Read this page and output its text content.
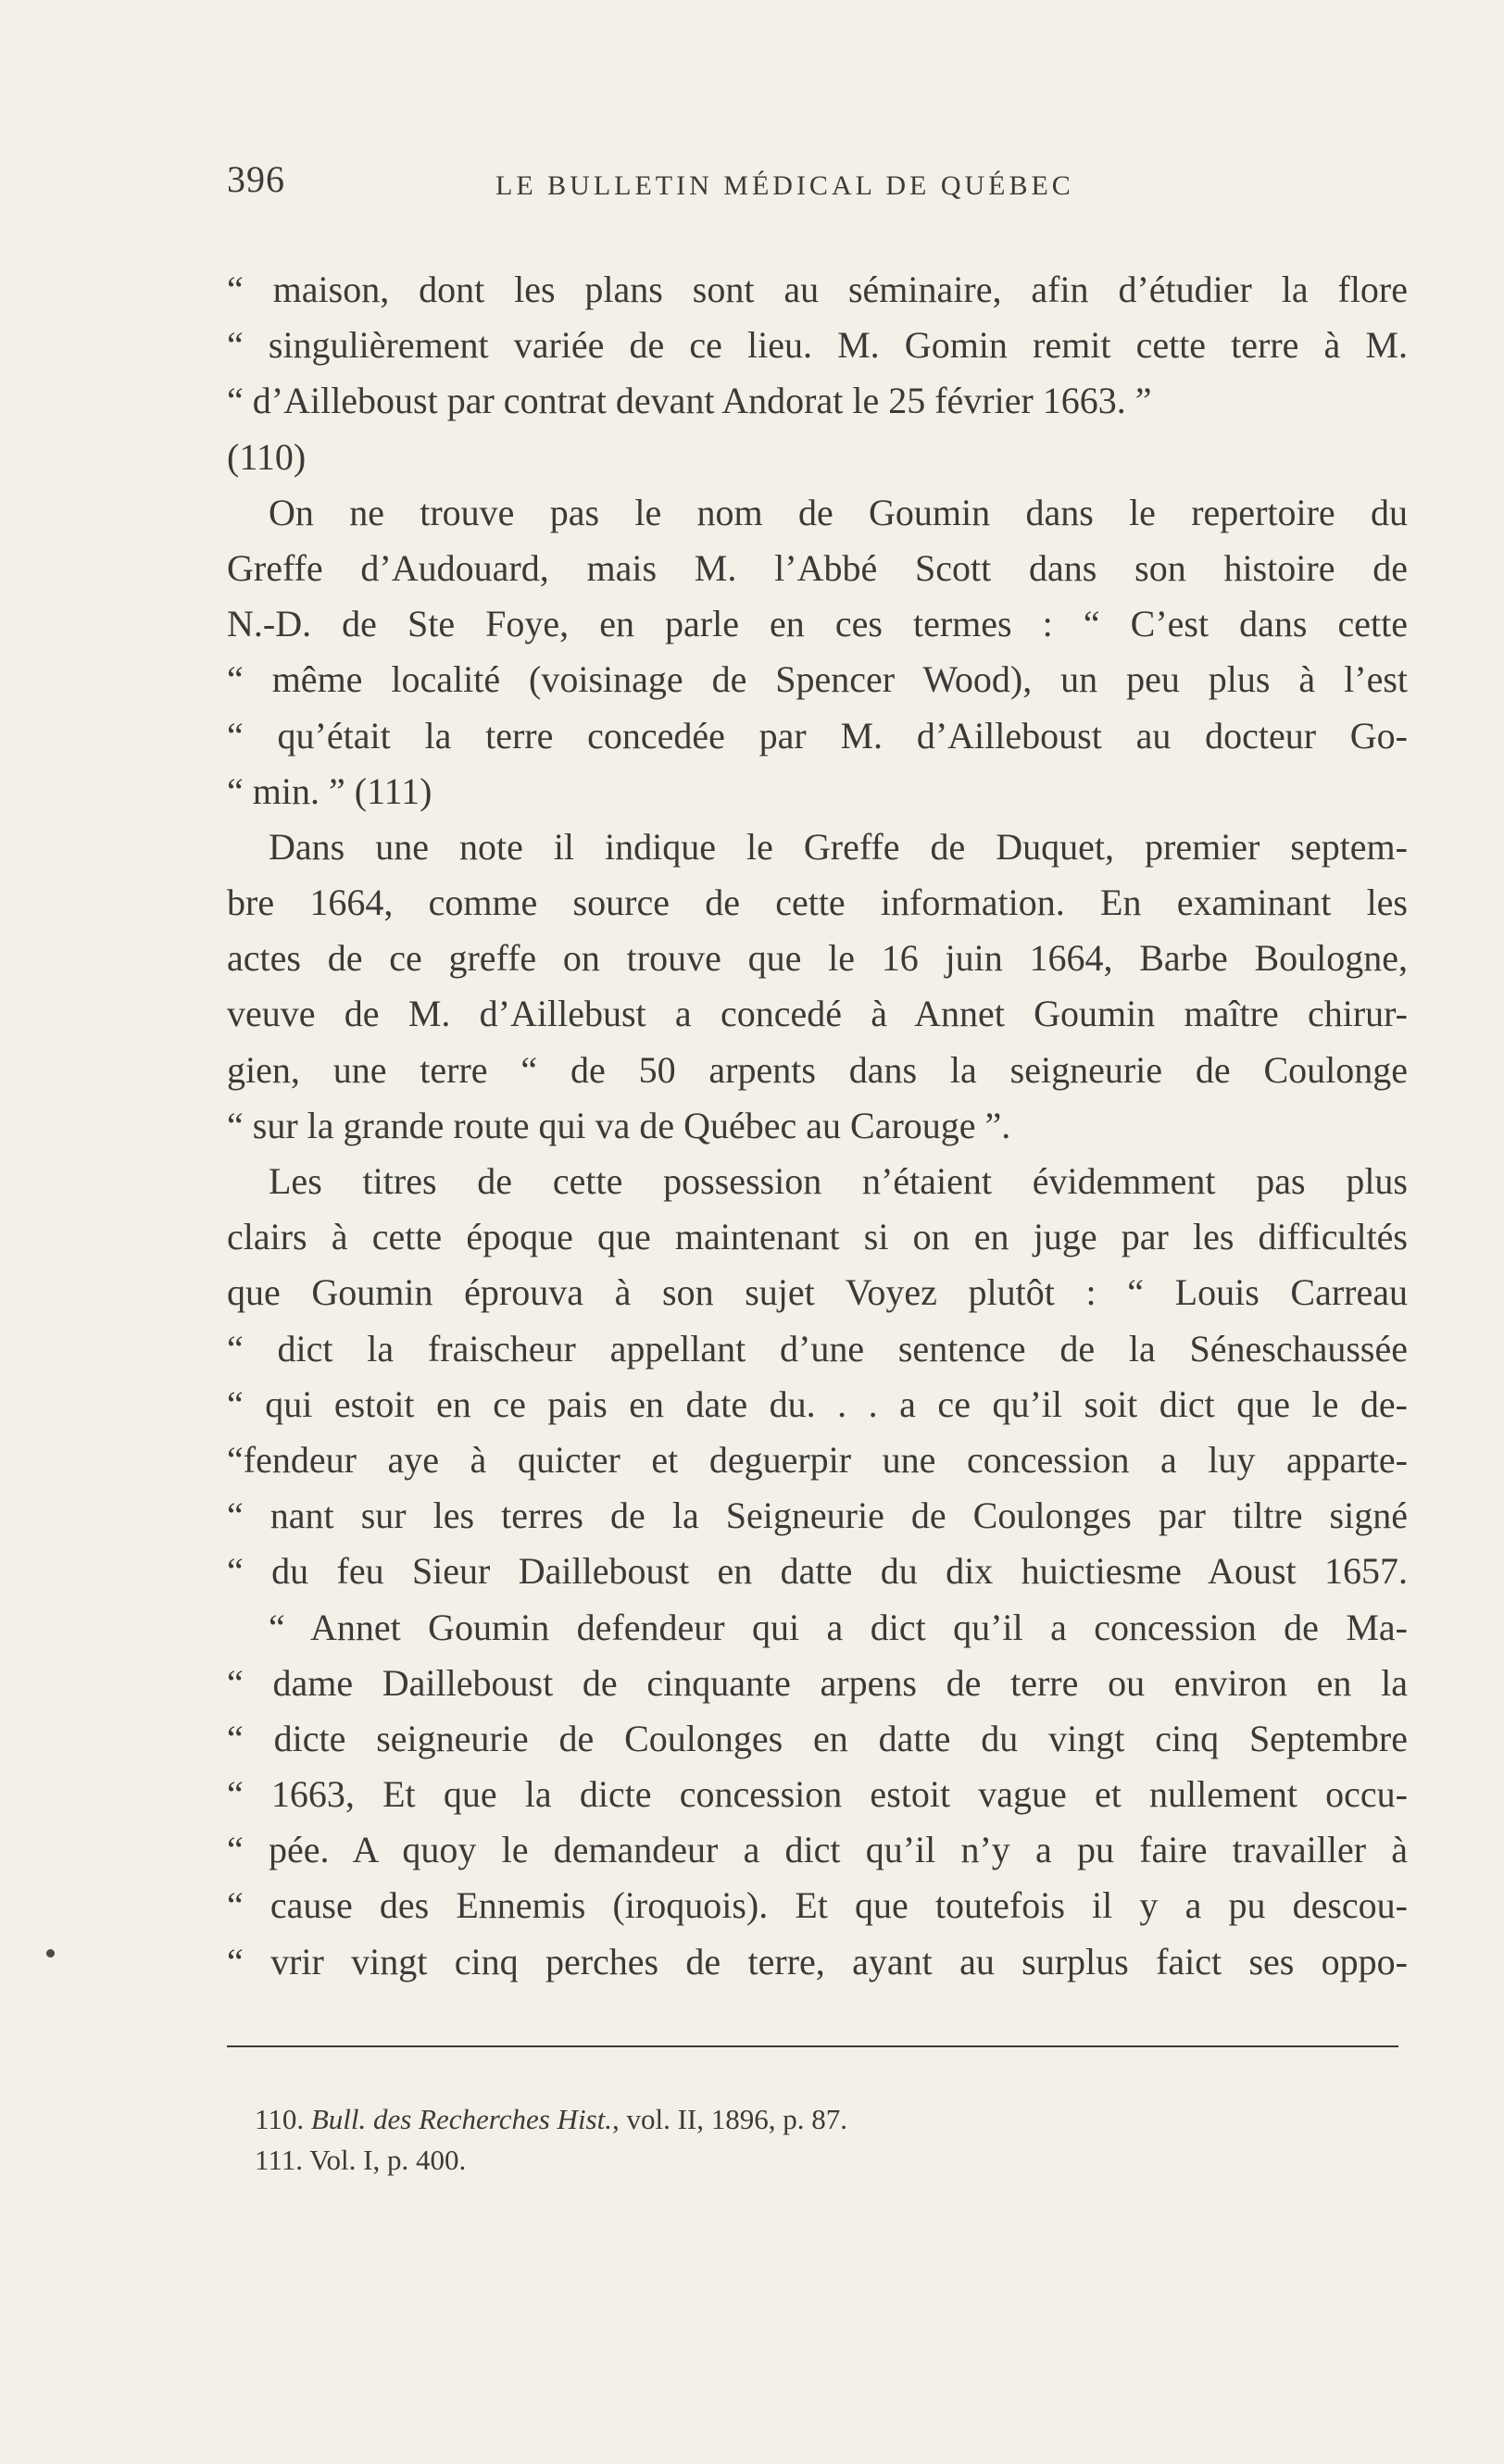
396	LE BULLETIN MÉDICAL DE QUÉBEC
“ maison, dont les plans sont au séminaire, afin d’étudier la flore
“ singulièrement variée de ce lieu. M. Gomin remit cette terre à M.
“ d’Ailleboust par contrat devant Andorat le 25 février 1663. ”
(110)
On ne trouve pas le nom de Goumin dans le repertoire du
Greffe d’Audouard, mais M. l’Abbé Scott dans son histoire de
N.-D. de Ste Foye, en parle en ces termes : “ C’est dans cette
“ même localité (voisinage de Spencer Wood), un peu plus à l’est
“ qu’était la terre concedée par M. d’Ailleboust au docteur Go-
“ min. ” (111)
Dans une note il indique le Greffe de Duquet, premier septem-
bre 1664, comme source de cette information. En examinant les
actes de ce greffe on trouve que le 16 juin 1664, Barbe Boulogne,
veuve de M. d’Aillebust a concedé à Annet Goumin maître chirur-
gien, une terre “ de 50 arpents dans la seigneurie de Coulonge
“ sur la grande route qui va de Québec au Carouge ”.
Les titres de cette possession n’étaient évidemment pas plus
clairs à cette époque que maintenant si on en juge par les difficultés
que Goumin éprouva à son sujet Voyez plutôt : “ Louis Carreau
“ dict la fraischeur appellant d’une sentence de la Séneschaussée
“ qui estoit en ce pais en date du. . . a ce qu’il soit dict que le de-
“fendeur aye à quicter et deguerpir une concession a luy apparte-
“ nant sur les terres de la Seigneurie de Coulonges par tiltre signé
“ du feu Sieur Dailleboust en datte du dix huictiesme Aoust 1657.
“ Annet Goumin defendeur qui a dict qu’il a concession de Ma-
“ dame Dailleboust de cinquante arpens de terre ou environ en la
“ dicte seigneurie de Coulonges en datte du vingt cinq Septembre
“ 1663, Et que la dicte concession estoit vague et nullement occu-
“ pée. A quoy le demandeur a dict qu’il n’y a pu faire travailler à
“ cause des Ennemis (iroquois). Et que toutefois il y a pu descou-
“ vrir vingt cinq perches de terre, ayant au surplus faict ses oppo-
110. Bull. des Recherches Hist., vol. II, 1896, p. 87.
111. Vol. I, p. 400.
